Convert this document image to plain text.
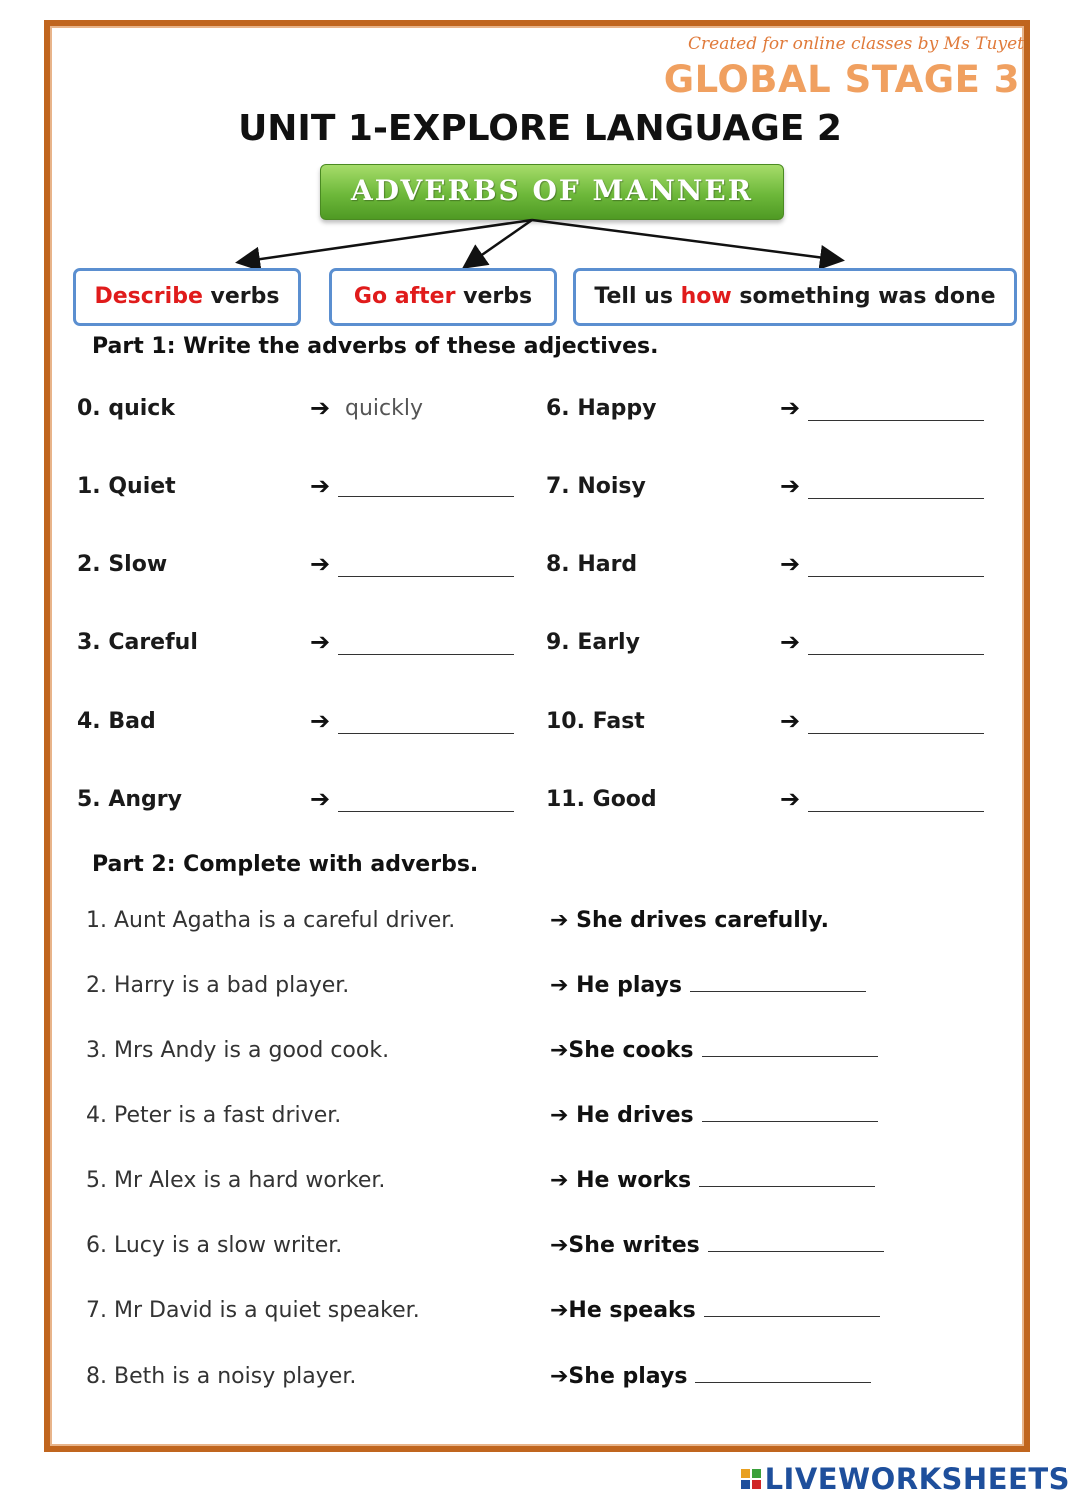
Created for online classes by Ms Tuyet
GLOBAL STAGE 3
UNIT 1-EXPLORE LANGUAGE 2
ADVERBS OF MANNER
Describe verbs	Go after verbs	Tell us how something was done
Part 1: Write the adverbs of these adjectives.
0. quick	➔ quickly
1. Quiet	➔
2. Slow	➔
3. Careful	➔
4. Bad	➔
5. Angry	➔
6. Happy	➔
7. Noisy	➔
8. Hard	➔
9. Early	➔
10. Fast	➔
11. Good	➔
Part 2: Complete with adverbs.
1. Aunt Agatha is a careful driver.	➔ She drives carefully.
2. Harry is a bad player.	➔ He plays
3. Mrs Andy is a good cook.	➔She cooks
4. Peter is a fast driver.	➔ He drives
5. Mr Alex is a hard worker.	➔ He works
6. Lucy is a slow writer.	➔She writes
7. Mr David is a quiet speaker.	➔He speaks
8. Beth is a noisy player.	➔She plays
LIVEWORKSHEETS
